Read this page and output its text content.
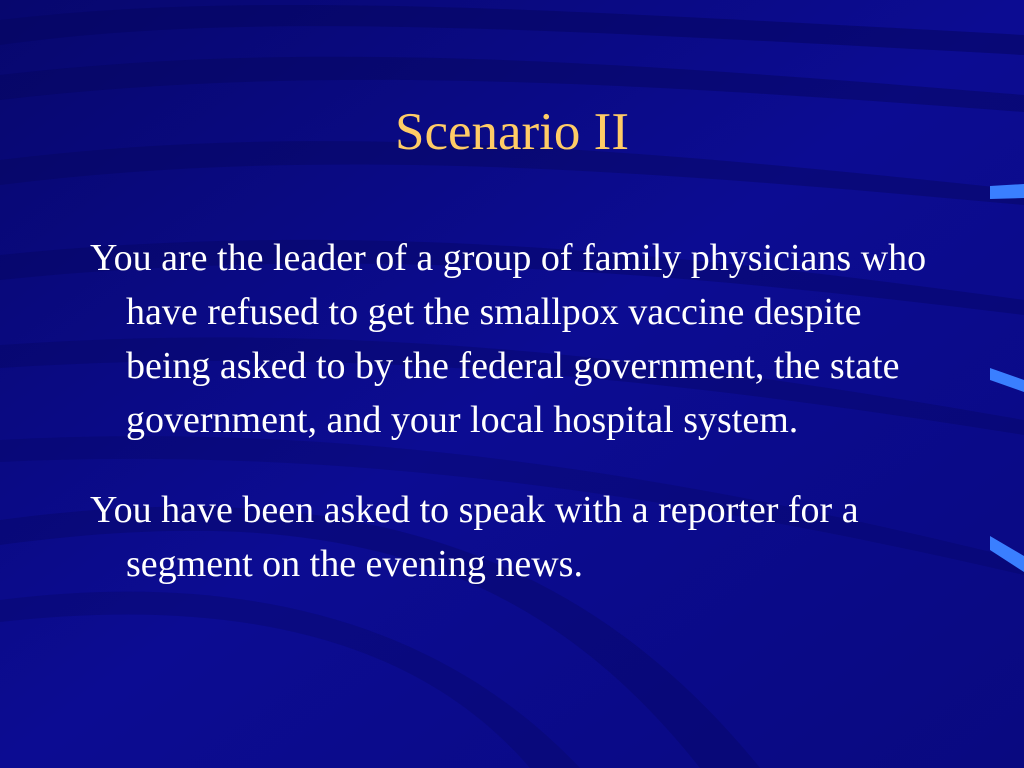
Scenario II

You are the leader of a group of family physicians who have refused to get the smallpox vaccine despite being asked to by the federal government, the state government, and your local hospital system.

You have been asked to speak with a reporter for a segment on the evening news.
